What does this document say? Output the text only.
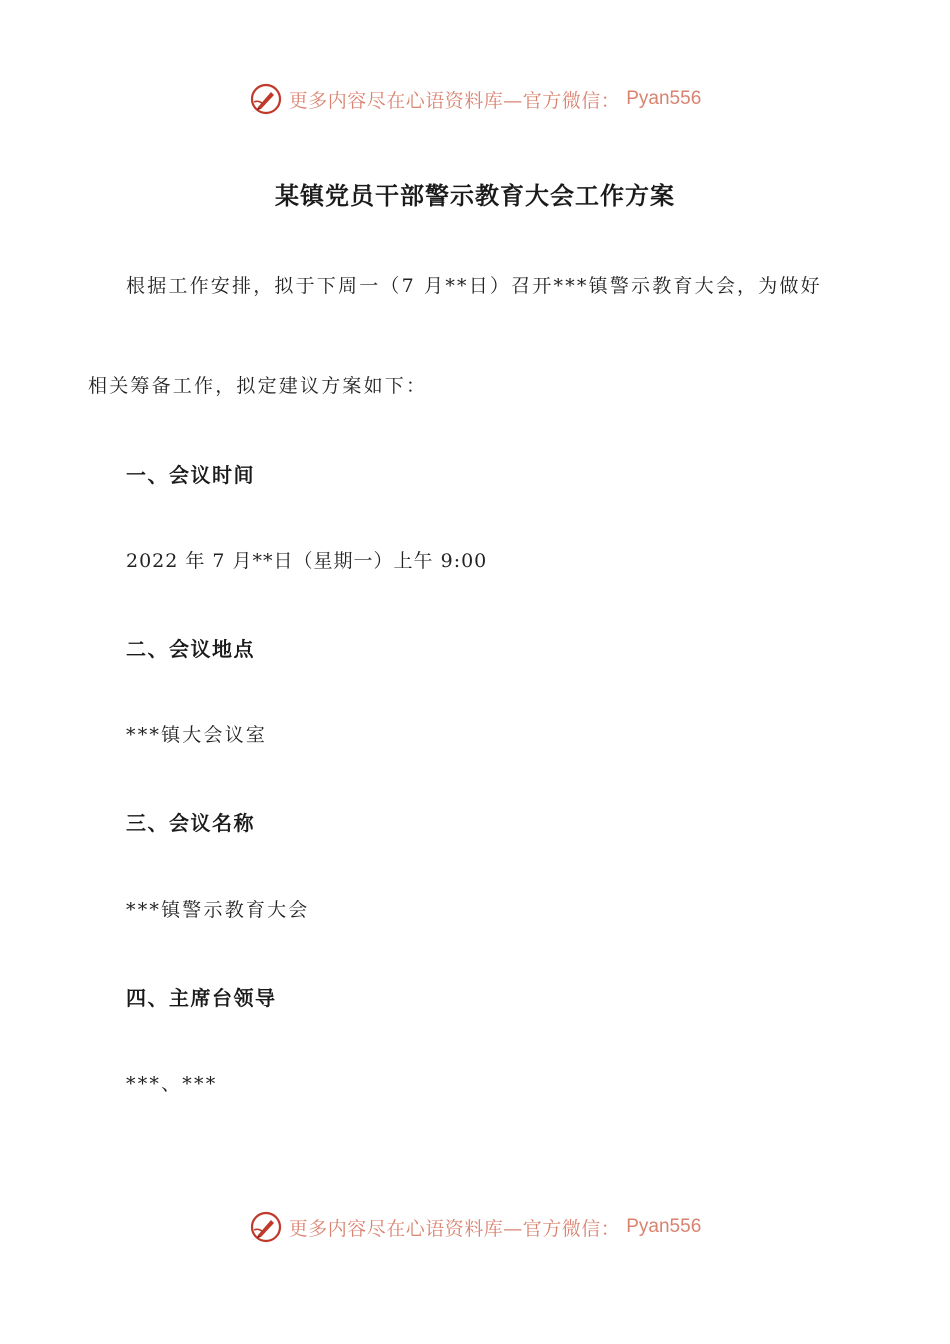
更多内容尽在心语资料库—官方微信： Pyan556
某镇党员干部警示教育大会工作方案
根据工作安排，拟于下周一（7 月**日）召开***镇警示教育大会，为做好
相关筹备工作，拟定建议方案如下：
一、会议时间
2022 年 7 月**日（星期一）上午 9:00
二、会议地点
***镇大会议室
三、会议名称
***镇警示教育大会
四、主席台领导
***、***
更多内容尽在心语资料库—官方微信： Pyan556
